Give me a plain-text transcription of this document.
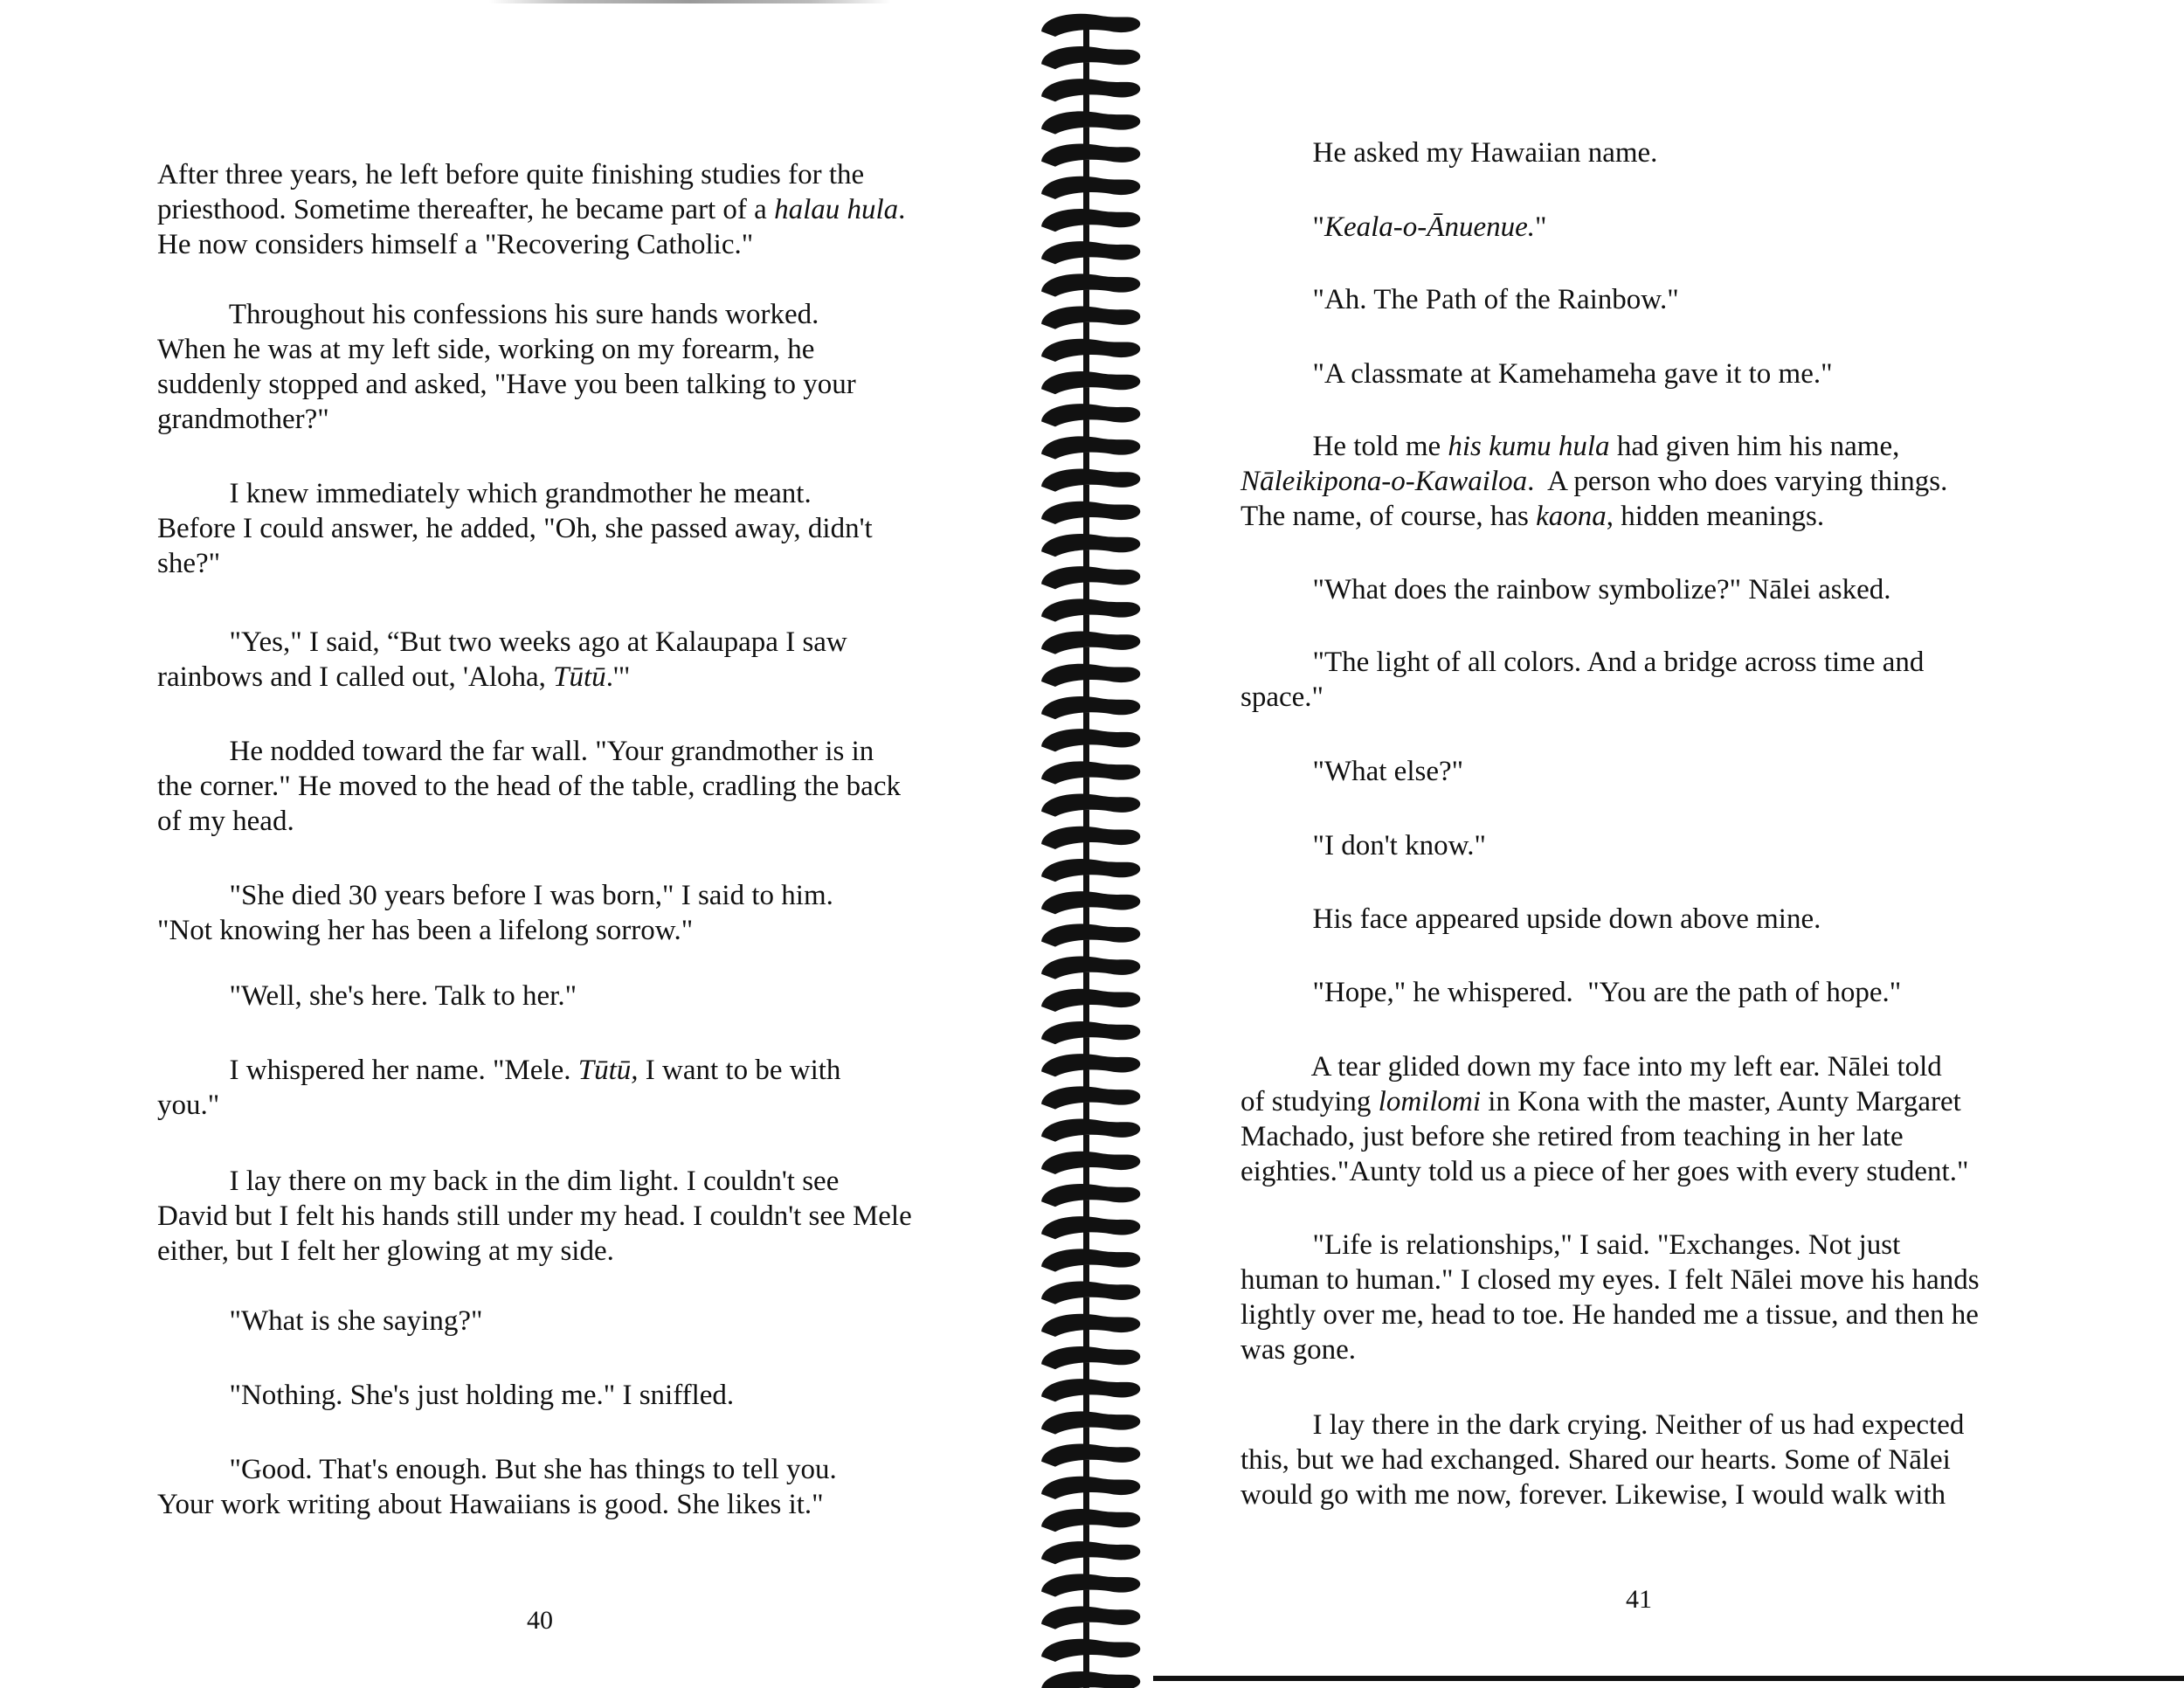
After three years, he left before quite finishing studies for the
priesthood. Sometime thereafter, he became part of a halau hula.
He now considers himself a "Recovering Catholic."
Throughout his confessions his sure hands worked.
When he was at my left side, working on my forearm, he
suddenly stopped and asked, "Have you been talking to your
grandmother?"
I knew immediately which grandmother he meant.
Before I could answer, he added, "Oh, she passed away, didn't
she?"
"Yes," I said, “But two weeks ago at Kalaupapa I saw
rainbows and I called out, 'Aloha, Tūtū.'"
He nodded toward the far wall. "Your grandmother is in
the corner." He moved to the head of the table, cradling the back
of my head.
"She died 30 years before I was born," I said to him.
"Not knowing her has been a lifelong sorrow."
"Well, she's here. Talk to her."
I whispered her name. "Mele. Tūtū, I want to be with
you."
I lay there on my back in the dim light. I couldn't see
David but I felt his hands still under my head. I couldn't see Mele
either, but I felt her glowing at my side.
"What is she saying?"
"Nothing. She's just holding me." I sniffled.
"Good. That's enough. But she has things to tell you.
Your work writing about Hawaiians is good. She likes it."
40
He asked my Hawaiian name.
"Keala-o-Ānuenue."
"Ah. The Path of the Rainbow."
"A classmate at Kamehameha gave it to me."
He told me his kumu hula had given him his name,
Nāleikipona-o-Kawailoa.  A person who does varying things.
The name, of course, has kaona, hidden meanings.
"What does the rainbow symbolize?" Nālei asked.
"The light of all colors. And a bridge across time and
space."
"What else?"
"I don't know."
His face appeared upside down above mine.
"Hope," he whispered.  "You are the path of hope."
A tear glided down my face into my left ear. Nālei told
of studying lomilomi in Kona with the master, Aunty Margaret
Machado, just before she retired from teaching in her late
eighties."Aunty told us a piece of her goes with every student."
"Life is relationships," I said. "Exchanges. Not just
human to human." I closed my eyes. I felt Nālei move his hands
lightly over me, head to toe. He handed me a tissue, and then he
was gone.
I lay there in the dark crying. Neither of us had expected
this, but we had exchanged. Shared our hearts. Some of Nālei
would go with me now, forever. Likewise, I would walk with
41
